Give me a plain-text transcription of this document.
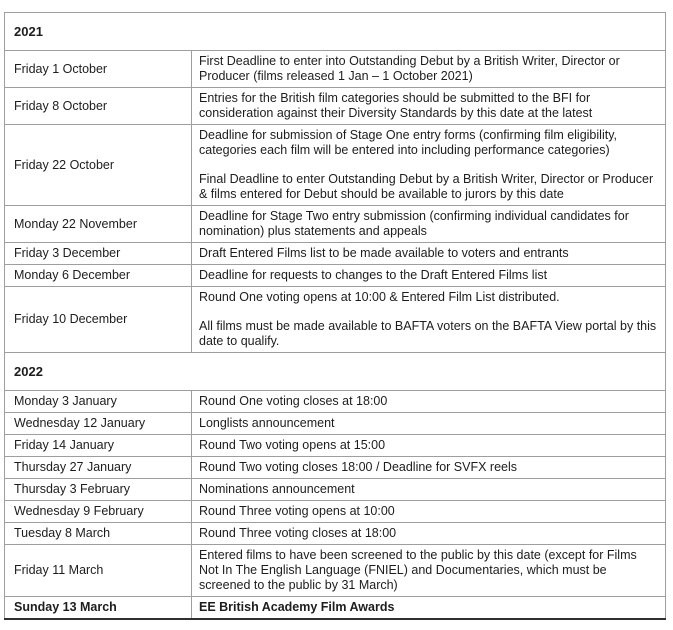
2021	
Friday 1 October	First Deadline to enter into Outstanding Debut by a British Writer, Director or Producer (films released 1 Jan – 1 October 2021)

Friday 8 October	Entries for the British film categories should be submitted to the BFI for consideration against their Diversity Standards by this date at the latest

Friday 22 October	Deadline for submission of Stage One entry forms (confirming film eligibility, categories each film will be entered into including performance categories)
Final Deadline to enter Outstanding Debut by a British Writer, Director or Producer & films entered for Debut should be available to jurors by this date

Monday 22 November	Deadline for Stage Two entry submission (confirming individual candidates for nomination) plus statements and appeals

Friday 3 December	Draft Entered Films list to be made available to voters and entrants

Monday 6 December	Deadline for requests to changes to the Draft Entered Films list

Friday 10 December	Round One voting opens at 10:00 & Entered Film List distributed.
All films must be made available to BAFTA voters on the BAFTA View portal by this date to qualify.

2022	
Monday 3 January	Round One voting closes at 18:00

Wednesday 12 January	Longlists announcement

Friday 14 January	Round Two voting opens at 15:00

Thursday 27 January	Round Two voting closes 18:00 / Deadline for SVFX reels

Thursday 3 February	Nominations announcement

Wednesday 9 February	Round Three voting opens at 10:00

Tuesday 8 March	Round Three voting closes at 18:00

Friday 11 March	Entered films to have been screened to the public by this date (except for Films Not In The English Language (FNIEL) and Documentaries, which must be screened to the public by 31 March)

Sunday 13 March	EE British Academy Film Awards
